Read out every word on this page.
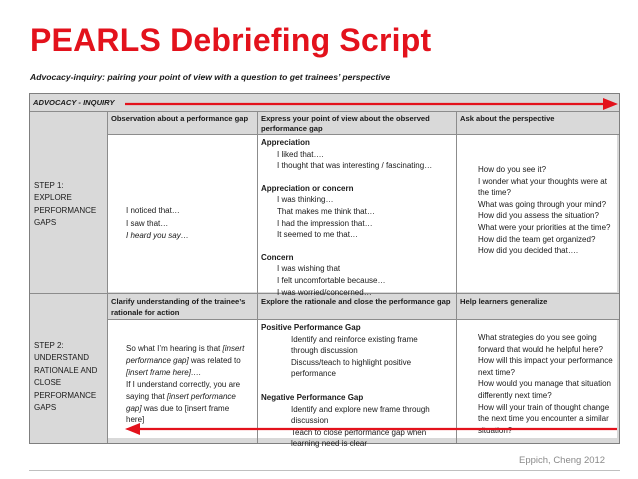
PEARLS Debriefing Script
Advocacy-inquiry: pairing your point of view with a question to get trainees’ perspective
ADVOCACY - INQUIRY
STEP 1:
EXPLORE
PERFORMANCE
GAPS
Observation about a performance gap	Express your point of view about the observed performance gap
Ask about the perspective
I noticed that…
I saw that…
I heard you say…
Appreciation
I liked that….
I thought that was interesting / fascinating…
Appreciation or concern
I was thinking…
That makes me think that…
I had the impression that…
It seemed to me that…
Concern
I was wishing that
I felt uncomfortable because…
I was worried/concerned…
How do you see it?
I wonder what your thoughts were at
the time?
What was going through your mind?
How did you assess the situation?
What were your priorities at the time?
How did the team get organized?
How did you decided that….
STEP 2:
UNDERSTAND
RATIONALE AND
CLOSE
PERFORMANCE
GAPS
Clarify understanding of the trainee’s rationale for action
Explore the rationale and close the performance gap	Help learners generalize
So what I’m hearing is that [insert
performance gap] was related to
[insert frame here]….
If I understand correctly, you are
saying that [insert performance
gap] was due to [insert frame
here]
Positive Performance Gap
Identify and reinforce existing frame
through discussion
Discuss/teach to highlight positive
performance
Negative Performance Gap
Identify and explore new frame through
discussion
Teach to close performance gap when
learning need is clear
What strategies do you see going
forward that would he helpful here?
How will this impact your performance
next time?
How would you manage that situation
differently next time?
How will your train of thought change
the next time you encounter a similar
situation?
Eppich, Cheng 2012
